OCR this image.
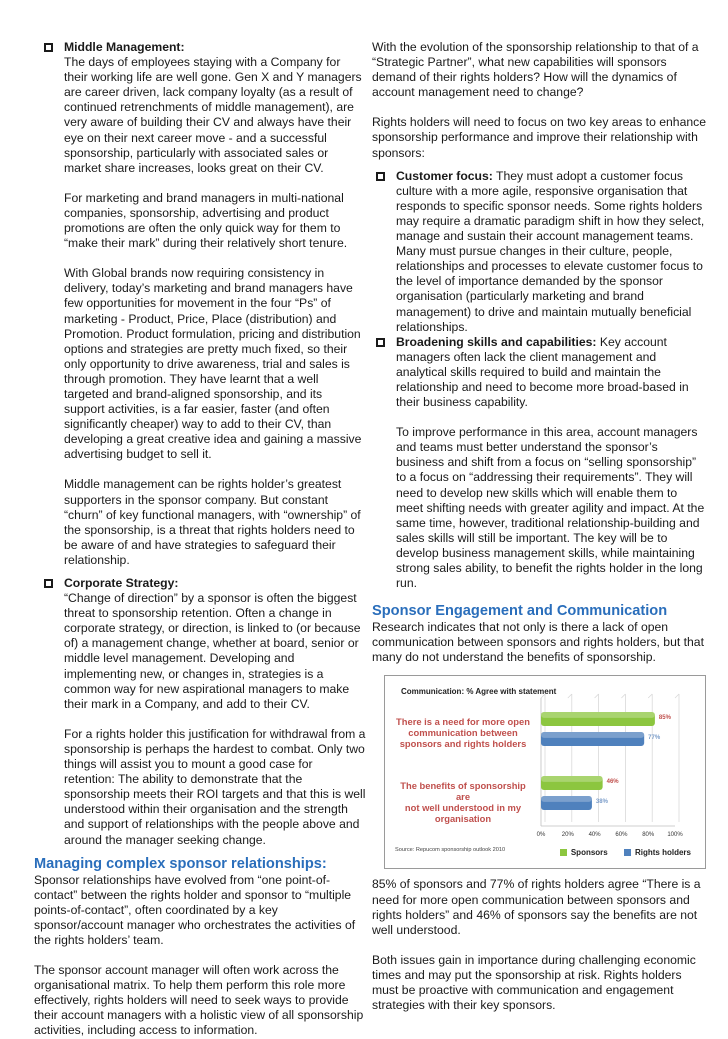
Middle Management:

The days of employees staying with a Company for their working life are well gone. Gen X and Y managers are career driven, lack company loyalty (as a result of continued retrenchments of middle management), are very aware of building their CV and always have their eye on their next career move - and a successful sponsorship, particularly with associated sales or market share increases, looks great on their CV.

For marketing and brand managers in multi-national companies, sponsorship, advertising and product promotions are often the only quick way for them to “make their mark” during their relatively short tenure.

With Global brands now requiring consistency in delivery, today’s marketing and brand managers have few opportunities for movement in the four “Ps” of marketing - Product, Price, Place (distribution) and Promotion. Product formulation, pricing and distribution options and strategies are pretty much fixed, so their only opportunity to drive awareness, trial and sales is through promotion. They have learnt that a well targeted and brand-aligned sponsorship, and its support activities, is a far easier, faster (and often significantly cheaper) way to add to their CV, than developing a great creative idea and gaining a massive advertising budget to sell it.

Middle management can be rights holder’s greatest supporters in the sponsor company. But constant “churn” of key functional managers, with “ownership” of the sponsorship, is a threat that rights holders need to be aware of and have strategies to safeguard their relationship.

Corporate Strategy:

“Change of direction” by a sponsor is often the biggest threat to sponsorship retention. Often a change in corporate strategy, or direction, is linked to (or because of) a management change, whether at board, senior or middle level management. Developing and implementing new, or changes in, strategies is a common way for new aspirational managers to make their mark in a Company, and add to their CV.

For a rights holder this justification for withdrawal from a sponsorship is perhaps the hardest to combat. Only two things will assist you to mount a good case for retention: The ability to demonstrate that the sponsorship meets their ROI targets and that this is well understood within their organisation and the strength and support of relationships with the people above and around the manager seeking change.

Managing complex sponsor relationships:

Sponsor relationships have evolved from “one point-of-contact” between the rights holder and sponsor to “multiple points-of-contact”, often coordinated by a key sponsor/account manager who orchestrates the activities of the rights holders’ team.

The sponsor account manager will often work across the organisational matrix. To help them perform this role more effectively, rights holders will need to seek ways to provide their account managers with a holistic view of all sponsorship activities, including access to information.

With the evolution of the sponsorship relationship to that of a “Strategic Partner”, what new capabilities will sponsors demand of their rights holders? How will the dynamics of account management need to change?

Rights holders will need to focus on two key areas to enhance sponsorship performance and improve their relationship with sponsors:

Customer focus: They must adopt a customer focus culture with a more agile, responsive organisation that responds to specific sponsor needs. Some rights holders may require a dramatic paradigm shift in how they select, manage and sustain their account management teams. Many must pursue changes in their culture, people, relationships and processes to elevate customer focus to the level of importance demanded by the sponsor organisation (particularly marketing and brand management) to drive and maintain mutually beneficial relationships.

Broadening skills and capabilities: Key account managers often lack the client management and analytical skills required to build and maintain the relationship and need to become more broad-based in their business capability.

To improve performance in this area, account managers and teams must better understand the sponsor’s business and shift from a focus on “selling sponsorship” to a focus on “addressing their requirements”. They will need to develop new skills which will enable them to meet shifting needs with greater agility and impact. At the same time, however, traditional relationship-building and sales skills will still be important. The key will be to develop business management skills, while maintaining strong sales ability, to benefit the rights holder in the long run.

Sponsor Engagement and Communication

Research indicates that not only is there a lack of open communication between sponsors and rights holders, but that many do not understand the benefits of sponsorship.

Communication: % Agree with statement
0%	20% 40% 60% 80% 100%
85%
46%
77%
38%
There is a need for more open
communication between
sponsors and rights holders
The benefits of sponsorship are
not well understood in my
organisation
Source: Repucom sponsorship outlook 2010	Sponsors	Rights holders

85% of sponsors and 77% of rights holders agree “There is a need for more open communication between sponsors and rights holders” and 46% of sponsors say the benefits are not well understood.

Both issues gain in importance during challenging economic times and may put the sponsorship at risk. Rights holders must be proactive with communication and engagement strategies with their key sponsors.
